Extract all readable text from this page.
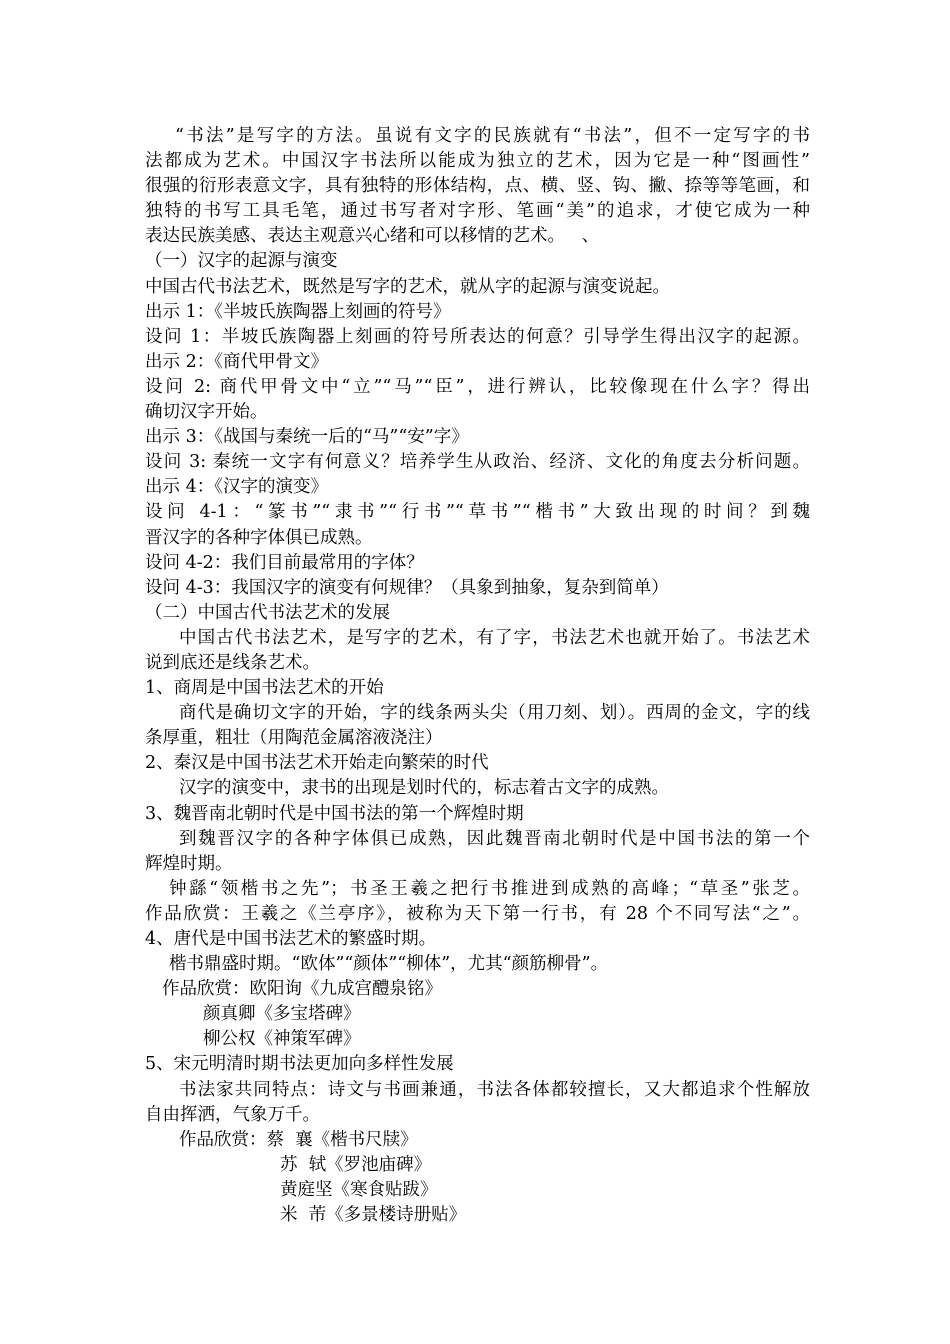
“书法”是写字的方法。虽说有文字的民族就有“书法”，但不一定写字的书
法都成为艺术。中国汉字书法所以能成为独立的艺术，因为它是一种“图画性”
很强的衍形表意文字，具有独特的形体结构，点、横、竖、钩、撇、捺等等笔画，和
独特的书写工具毛笔，通过书写者对字形、笔画“美”的追求，才使它成为一种
表达民族美感、表达主观意兴心绪和可以移情的艺术。   、
（一）汉字的起源与演变
中国古代书法艺术，既然是写字的艺术，就从字的起源与演变说起。
出示 1：《半坡氏族陶器上刻画的符号》
设问 1：半坡氏族陶器上刻画的符号所表达的何意？引导学生得出汉字的起源。
出示 2：《商代甲骨文》
设问 2: 商代甲骨文中“立”“马”“臣”，进行辨认，比较像现在什么字？得出
确切汉字开始。
出示 3：《战国与秦统一后的“马”“安”字》
设问 3: 秦统一文字有何意义？培养学生从政治、经济、文化的角度去分析问题。
出示 4：《汉字的演变》
设问 4-1：“篆书”“隶书”“行书”“草书”“楷书”大致出现的时间？到魏
晋汉字的各种字体俱已成熟。
设问 4-2：我们目前最常用的字体？
设问 4-3：我国汉字的演变有何规律？（具象到抽象，复杂到简单）
（二）中国古代书法艺术的发展
中国古代书法艺术，是写字的艺术，有了字，书法艺术也就开始了。书法艺术
说到底还是线条艺术。
1、商周是中国书法艺术的开始
商代是确切文字的开始，字的线条两头尖（用刀刻、划）。西周的金文，字的线
条厚重，粗壮（用陶范金属溶液浇注）
2、秦汉是中国书法艺术开始走向繁荣的时代
汉字的演变中，隶书的出现是划时代的，标志着古文字的成熟。
3、魏晋南北朝时代是中国书法的第一个辉煌时期
到魏晋汉字的各种字体俱已成熟，因此魏晋南北朝时代是中国书法的第一个
辉煌时期。
钟繇“领楷书之先”；书圣王羲之把行书推进到成熟的高峰；“草圣”张芝。
作品欣赏：王羲之《兰亭序》，被称为天下第一行书，有 28 个不同写法“之”。
4、唐代是中国书法艺术的繁盛时期。
楷书鼎盛时期。“欧体”“颜体”“柳体”，尤其“颜筋柳骨”。
作品欣赏：欧阳询《九成宫醴泉铭》
颜真卿《多宝塔碑》
柳公权《神策军碑》
5、宋元明清时期书法更加向多样性发展
书法家共同特点：诗文与书画兼通，书法各体都较擅长，又大都追求个性解放
自由挥洒，气象万千。
作品欣赏：蔡  襄《楷书尺牍》
苏  轼《罗池庙碑》
黄庭坚《寒食贴跋》
米  芾《多景楼诗册贴》
